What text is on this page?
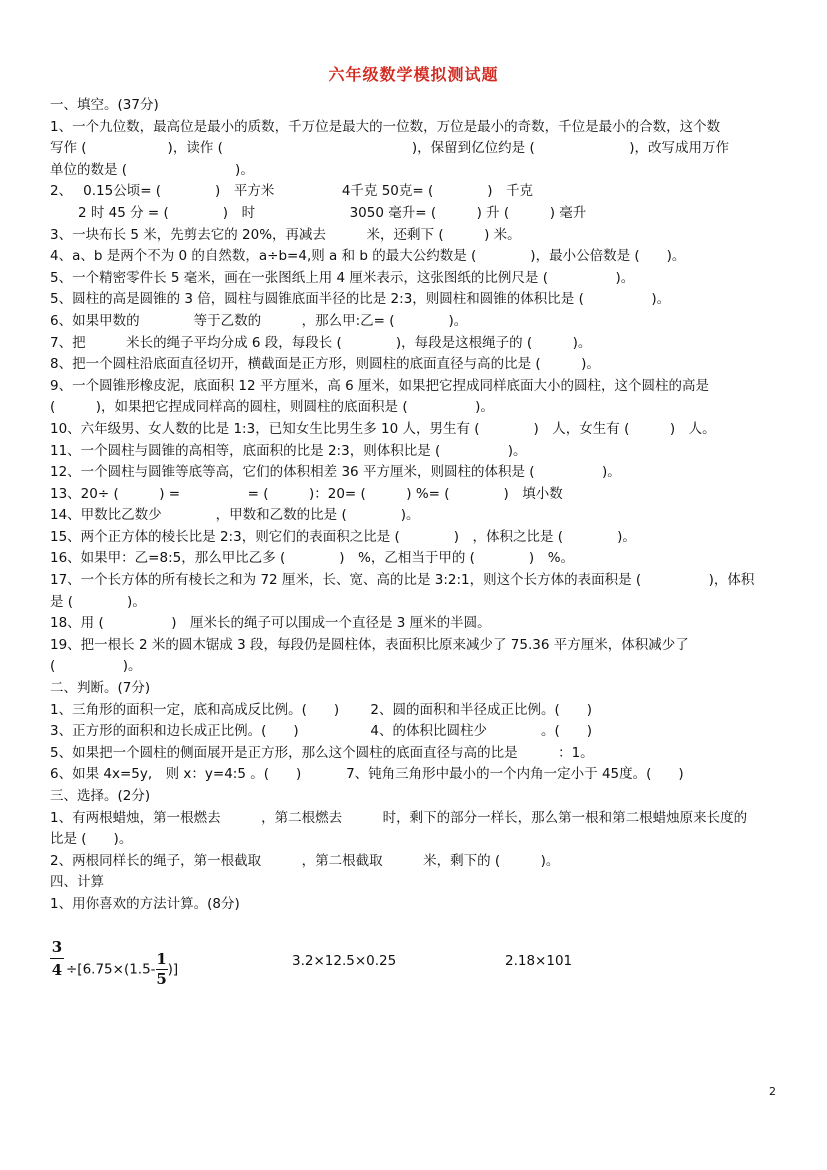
六年级数学模拟测试题
一、填空。(37分)
1、一个九位数，最高位是最小的质数，千万位是最大的一位数，万位是最小的奇数，千位是最小的合数，这个数
写作 (　　　　　　)，读作 (　　　　　　　　　　　　　　)，保留到亿位约是 (　　　　　　　)，改写成用万作
单位的数是 (　　　　　　　　)。
2、　 0.15公顷= (　　　　)　平方米　　　　　4千克 50克= (　　　　)　千克
2 时 45 分 = (　　　　)　时　　　　　　　3050 毫升= (　　　) 升 (　　　) 毫升
3、一块布长 5 米，先剪去它的 20%，再减去　　　米，还剩下 (　　　) 米。
4、a、b 是两个不为 0 的自然数，a÷b=4,则 a 和 b 的最大公约数是 (　　　　)，最小公倍数是 (　　)。
5、一个精密零件长 5 毫米，画在一张图纸上用 4 厘米表示，这张图纸的比例尺是 (　　　　　)。
5、圆柱的高是圆锥的 3 倍，圆柱与圆锥底面半径的比是 2:3，则圆柱和圆锥的体积比是 (　　　　　)。
6、如果甲数的　　　　等于乙数的　　　，那么甲:乙= (　　　　)。
7、把　　　米长的绳子平均分成 6 段，每段长 (　　　　)，每段是这根绳子的 (　　　)。
8、把一个圆柱沿底面直径切开，横截面是正方形，则圆柱的底面直径与高的比是 (　　　)。
9、一个圆锥形橡皮泥，底面积 12 平方厘米，高 6 厘米，如果把它捏成同样底面大小的圆柱，这个圆柱的高是
(　　　)，如果把它捏成同样高的圆柱，则圆柱的底面积是 (　　　　　)。
10、六年级男、女人数的比是 1:3，已知女生比男生多 10 人，男生有 (　　　　)　人，女生有 (　　　)　人。
11、一个圆柱与圆锥的高相等，底面积的比是 2:3，则体积比是 (　　　　　)。
12、一个圆柱与圆锥等底等高，它们的体积相差 36 平方厘米，则圆柱的体积是 (　　　　　)。
13、20÷ (　　　) =　　　　　= (　　　)：20= (　　　) %= (　　　　)　填小数
14、甲数比乙数少　　　　，甲数和乙数的比是 (　　　　)。
15、两个正方体的棱长比是 2:3，则它们的表面积之比是 (　　　　)　，体积之比是 (　　　　)。
16、如果甲：乙=8:5，那么甲比乙多 (　　　　)　%，乙相当于甲的 (　　　　)　%。
17、一个长方体的所有棱长之和为 72 厘米，长、宽、高的比是 3:2:1，则这个长方体的表面积是 (　　　　　)，体积
是 (　　　　)。
18、用 (　　　　　)　厘米长的绳子可以围成一个直径是 3 厘米的半圆。
19、把一根长 2 米的圆木锯成 3 段，每段仍是圆柱体，表面积比原来减少了 75.36 平方厘米，体积减少了
(　　　　　)。
二、判断。(7分)
1、三角形的面积一定，底和高成反比例。(　　)　　 2、圆的面积和半径成正比例。(　　)
3、正方形的面积和边长成正比例。(　　)　　　　　 4、的体积比圆柱少　　　　。(　　)
5、如果把一个圆柱的侧面展开是正方形，那么这个圆柱的底面直径与高的比是　　　：1。
6、如果 4x=5y,　则 x：y=4:5 。(　　)　　　 7、钝角三角形中最小的一个内角一定小于 45度。(　　)
三、选择。(2分)
1、有两根蜡烛，第一根燃去　　　，第二根燃去　　　时，剩下的部分一样长，那么第一根和第二根蜡烛原来长度的
比是 (　　)。
2、两根同样长的绳子，第一根截取　　　，第二根截取　　　米，剩下的 (　　　)。
四、计算
1、用你喜欢的方法计算。(8分)
3
$4 \div[6.75\times(1.5-\frac{1}{5})]$
3.2×12.5×0.25	2.18×101
2
